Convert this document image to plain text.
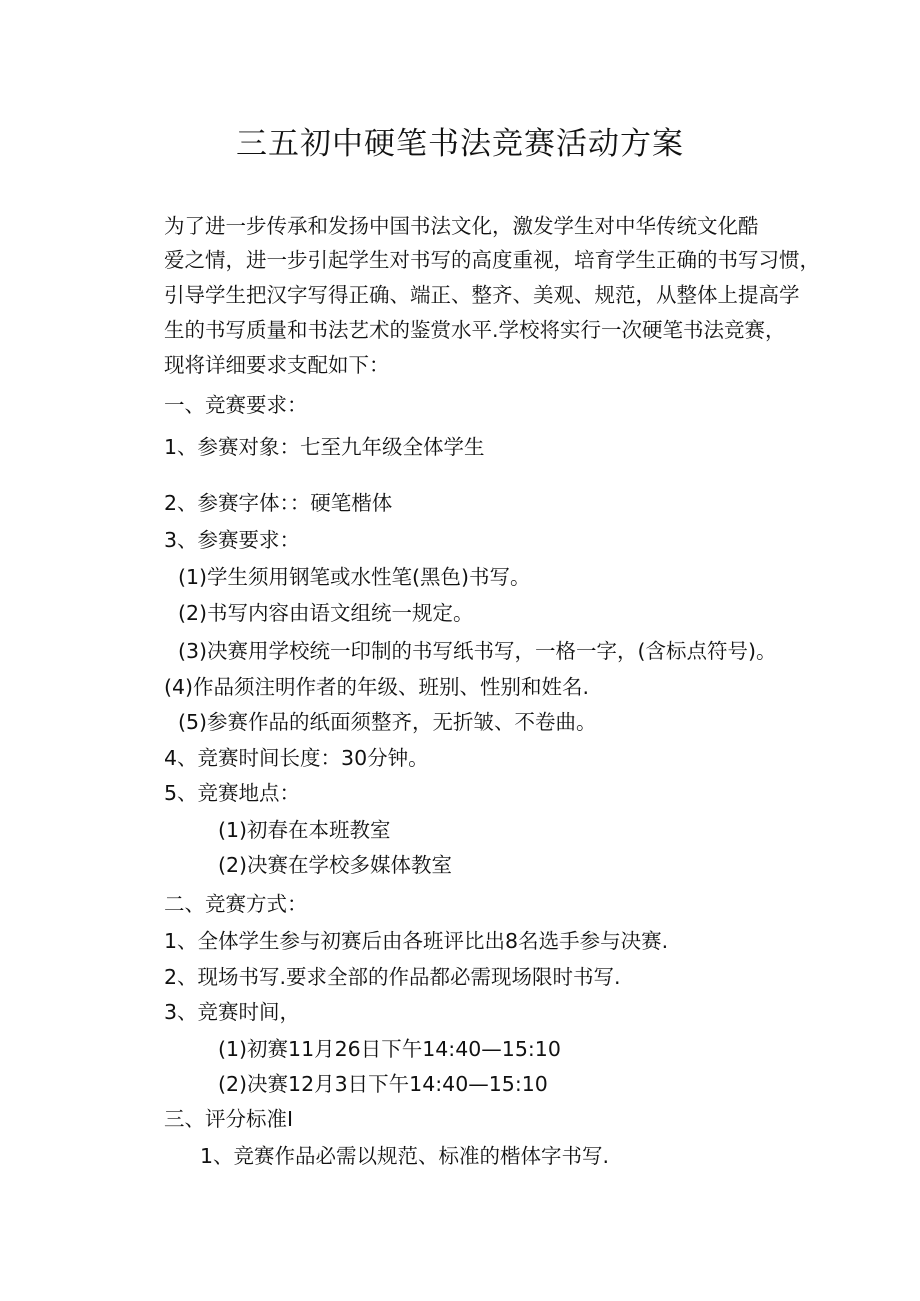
三五初中硬笔书法竞赛活动方案
为了进一步传承和发扬中国书法文化，激发学生对中华传统文化酷
爱之情，进一步引起学生对书写的高度重视，培育学生正确的书写习惯，
引导学生把汉字写得正确、端正、整齐、美观、规范，从整体上提高学
生的书写质量和书法艺术的鉴赏水平.学校将实行一次硬笔书法竞赛，
现将详细要求支配如下：
一、竞赛要求：
1、参赛对象：七至九年级全体学生
2、参赛字体：：硬笔楷体
3、参赛要求：
(1)学生须用钢笔或水性笔(黑色)书写。
(2)书写内容由语文组统一规定。
(3)决赛用学校统一印制的书写纸书写，一格一字，(含标点符号)。
(4)作品须注明作者的年级、班别、性别和姓名.
(5)参赛作品的纸面须整齐，无折皱、不卷曲。
4、竞赛时间长度：30分钟。
5、竞赛地点：
(1)初春在本班教室
(2)决赛在学校多媒体教室
二、竞赛方式：
1、全体学生参与初赛后由各班评比出8名选手参与决赛.
2、现场书写.要求全部的作品都必需现场限时书写.
3、竞赛时间，
(1)初赛11月26日下午14:40—15:10
(2)决赛12月3日下午14:40—15:10
三、评分标准I
1、竞赛作品必需以规范、标准的楷体字书写.
